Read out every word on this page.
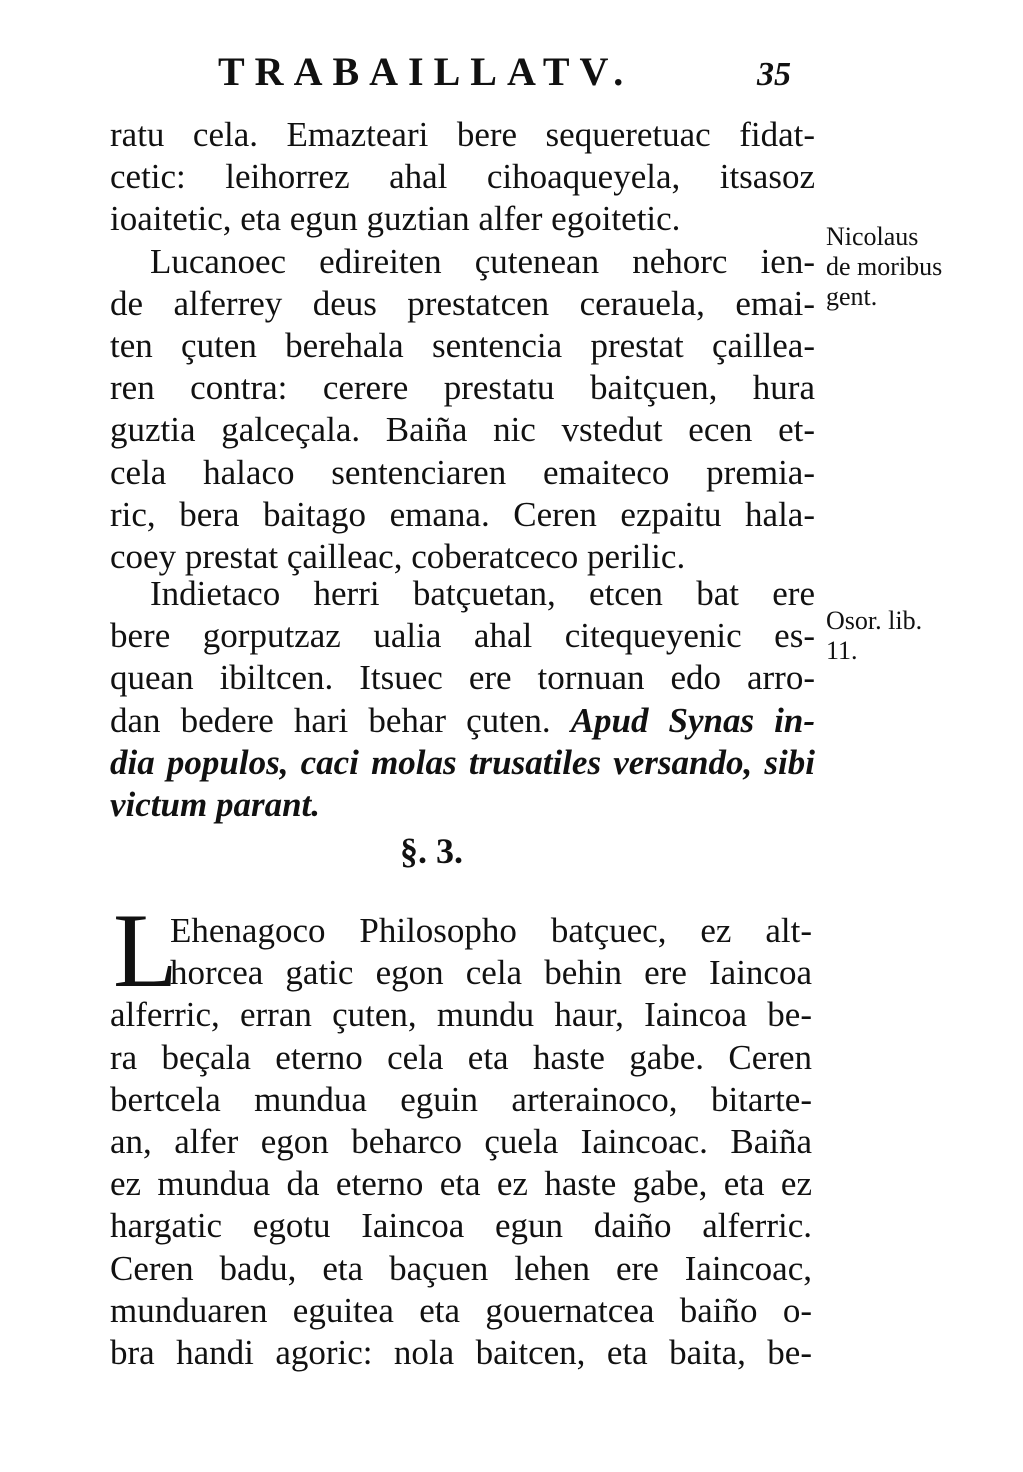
TRABAILLATV.	35
ratu cela. Emazteari bere sequeretuac fidat-
cetic: leihorrez ahal cihoaqueyela, itsasoz
ioaitetic, eta egun guztian alfer egoitetic.
Lucanoec edireiten çutenean nehorc ien-
de alferrey deus prestatcen cerauela, emai-
ten çuten berehala sentencia prestat çaillea-
ren contra: cerere prestatu baitçuen, hura
guztia galceçala. Baiña nic vstedut ecen et-
cela halaco sentenciaren emaiteco premia-
ric, bera baitago emana. Ceren ezpaitu hala-
coey prestat çailleac, coberatceco perilic.
Indietaco herri batçuetan, etcen bat ere
bere gorputzaz ualia ahal citequeyenic es-
quean ibiltcen. Itsuec ere tornuan edo arro-
dan bedere hari behar çuten. Apud Synas in-
dia populos, caci molas trusatiles versando, sibi
victum parant.
§. 3.
L
Ehenagoco Philosopho batçuec, ez alt-
horcea gatic egon cela behin ere Iaincoa
alferric, erran çuten, mundu haur, Iaincoa be-
ra beçala eterno cela eta haste gabe. Ceren
bertcela mundua eguin arterainoco, bitarte-
an, alfer egon beharco çuela Iaincoac. Baiña
ez mundua da eterno eta ez haste gabe, eta ez
hargatic egotu Iaincoa egun daiño alferric.
Ceren badu, eta baçuen lehen ere Iaincoac,
munduaren eguitea eta gouernatcea baiño o-
bra handi agoric: nola baitcen, eta baita, be-
Nicolaus
de moribus
gent.
Osor. lib.
11.
